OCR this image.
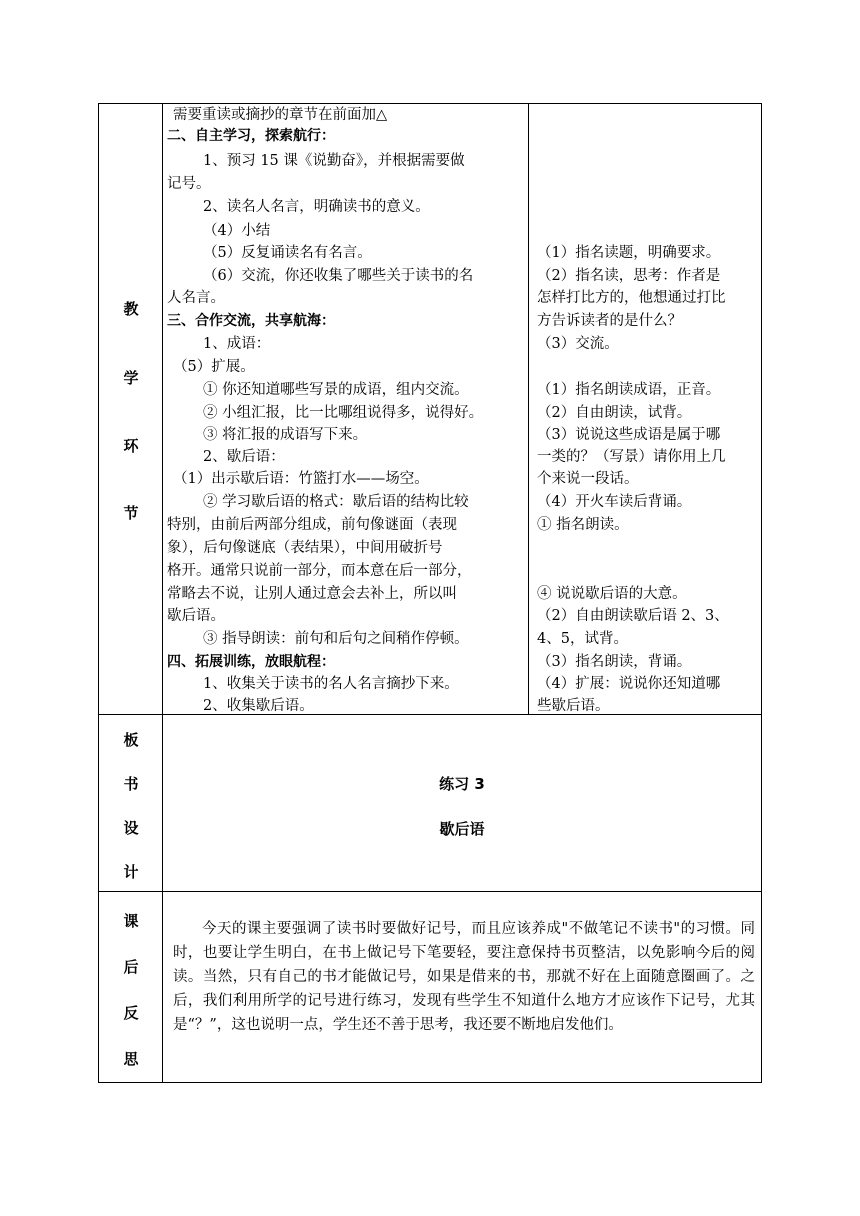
教
学
环
节
需要重读或摘抄的章节在前面加△
二、自主学习，探索航行：
1、预习 15 课《说勤奋》，并根据需要做
记号。
2、读名人名言，明确读书的意义。
（4）小结
（5）反复诵读名有名言。
（6）交流，你还收集了哪些关于读书的名
人名言。
三、合作交流，共享航海：
1、成语：
（5）扩展。
① 你还知道哪些写景的成语，组内交流。
② 小组汇报，比一比哪组说得多，说得好。
③ 将汇报的成语写下来。
2、歇后语：
（1）出示歇后语：竹篮打水——场空。
② 学习歇后语的格式：歇后语的结构比较
特别，由前后两部分组成，前句像谜面（表现
象），后句像谜底（表结果），中间用破折号
格开。通常只说前一部分，而本意在后一部分，
常略去不说，让别人通过意会去补上，所以叫
歇后语。
③ 指导朗读：前句和后句之间稍作停顿。
四、拓展训练，放眼航程：
1、收集关于读书的名人名言摘抄下来。
2、收集歇后语。
（1）指名读题，明确要求。
（2）指名读，思考：作者是
怎样打比方的，他想通过打比
方告诉读者的是什么？
（3）交流。
（1）指名朗读成语，正音。
（2）自由朗读，试背。
（3）说说这些成语是属于哪
一类的？（写景）请你用上几
个来说一段话。
（4）开火车读后背诵。
① 指名朗读。
④ 说说歇后语的大意。
（2）自由朗读歇后语 2、3、
4、5，试背。
（3）指名朗读，背诵。
（4）扩展：说说你还知道哪
些歇后语。
板
书
设
计
练习 3
歇后语
课
后
反
思
今天的课主要强调了读书时要做好记号，而且应该养成"不做笔记不读书"的习惯。同时，也要让学生明白，在书上做记号下笔要轻，要注意保持书页整洁，以免影响今后的阅读。当然，只有自己的书才能做记号，如果是借来的书，那就不好在上面随意圈画了。之后，我们利用所学的记号进行练习，发现有些学生不知道什么地方才应该作下记号，尤其是“？”，这也说明一点，学生还不善于思考，我还要不断地启发他们。
